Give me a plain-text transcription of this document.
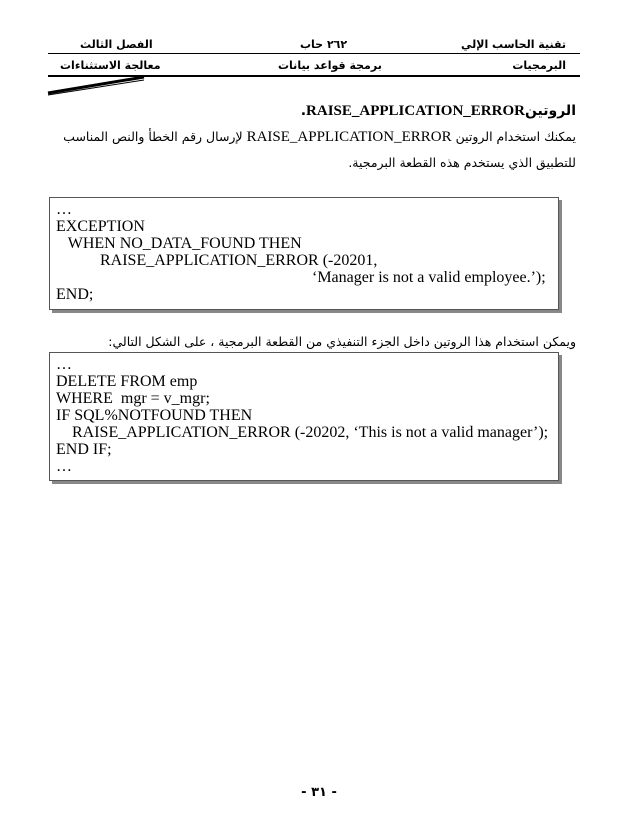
تقنية الحاسب الإلي
٢٦٢ حاب
الفصل الثالث
البرمجيات
برمجة قواعد بيانات
معالجة الاستثناءات
الروتينRAISE_APPLICATION_ERROR.
يمكنك استخدام الروتين RAISE_APPLICATION_ERROR لإرسال رقم الخطأ والنص المناسب للتطبيق الذي يستخدم هذه القطعة البرمجية.
…
EXCEPTION
WHEN NO_DATA_FOUND THEN
RAISE_APPLICATION_ERROR (-20201,
‘Manager is not a valid employee.’);
END;
ويمكن استخدام هذا الروتين داخل الجزء التنفيذي من القطعة البرمجية ، على الشكل التالي:
…
DELETE FROM emp
WHERE  mgr = v_mgr;
IF SQL%NOTFOUND THEN
RAISE_APPLICATION_ERROR (-20202, ‘This is not a valid manager’);
END IF;
…
- ٣١ -
